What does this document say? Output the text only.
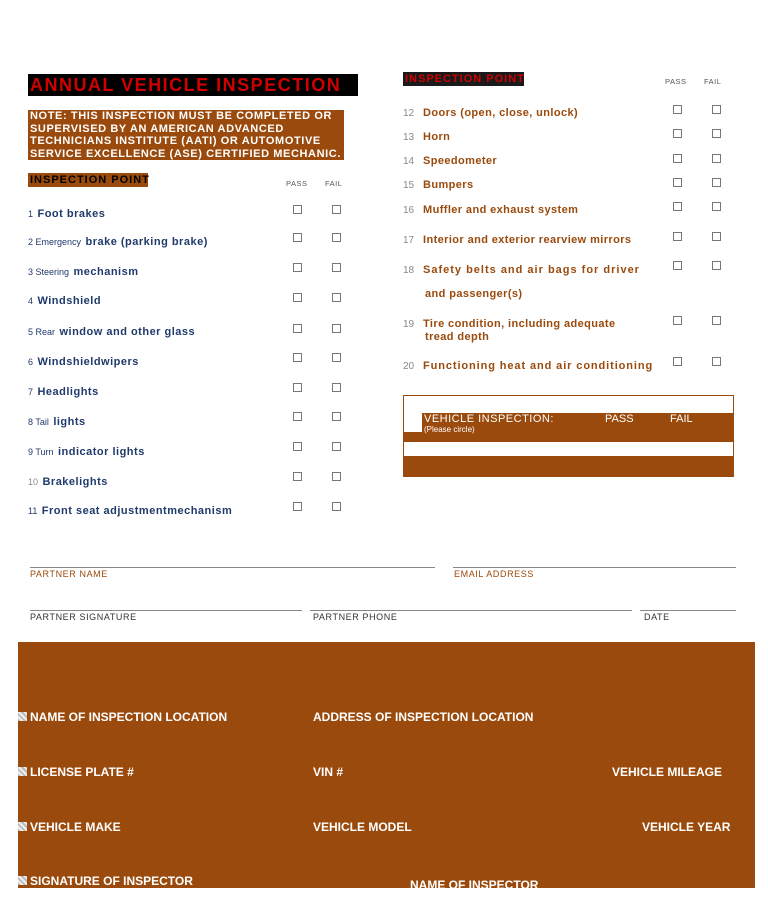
ANNUAL VEHICLE INSPECTION
NOTE: THIS INSPECTION MUST BE COMPLETED OR
SUPERVISED BY AN AMERICAN ADVANCED
TECHNICIANS INSTITUTE (AATI) OR AUTOMOTIVE
SERVICE EXCELLENCE (ASE) CERTIFIED MECHANIC.
INSPECTION POINT	PASS FAIL
1 Foot brakes
2 Emergency brake (parking brake)
3 Steering mechanism
4 Windshield
5 Rear window and other glass
6 Windshieldwipers
7 Headlights
8 Tail lights
9 Turn indicator lights
10 Brakelights
11 Front seat adjustmentmechanism
INSPECTION POINT	PASS FAIL
12 Doors (open, close, unlock)
13 Horn
14 Speedometer
15 Bumpers
16 Muffler and exhaust system
17 Interior and exterior rearview mirrors
18 Safety belts and air bags for driver
and passenger(s)
19 Tire condition, including adequate
tread depth
20 Functioning heat and air conditioning
VEHICLE INSPECTION:	PASS	FAIL
(Please circle)
Must pass all inspection points to pass vehicleinspection.
PARTNER NAME	EMAIL ADDRESS
PARTNER SIGNATURE	PARTNER PHONE	DATE
NAME OF INSPECTION LOCATION	ADDRESS OF INSPECTION LOCATION
LICENSE PLATE #	VIN #	VEHICLE MILEAGE
VEHICLE MAKE	VEHICLE MODEL	VEHICLE YEAR
SIGNATURE OF INSPECTOR	NAME OF INSPECTOR
